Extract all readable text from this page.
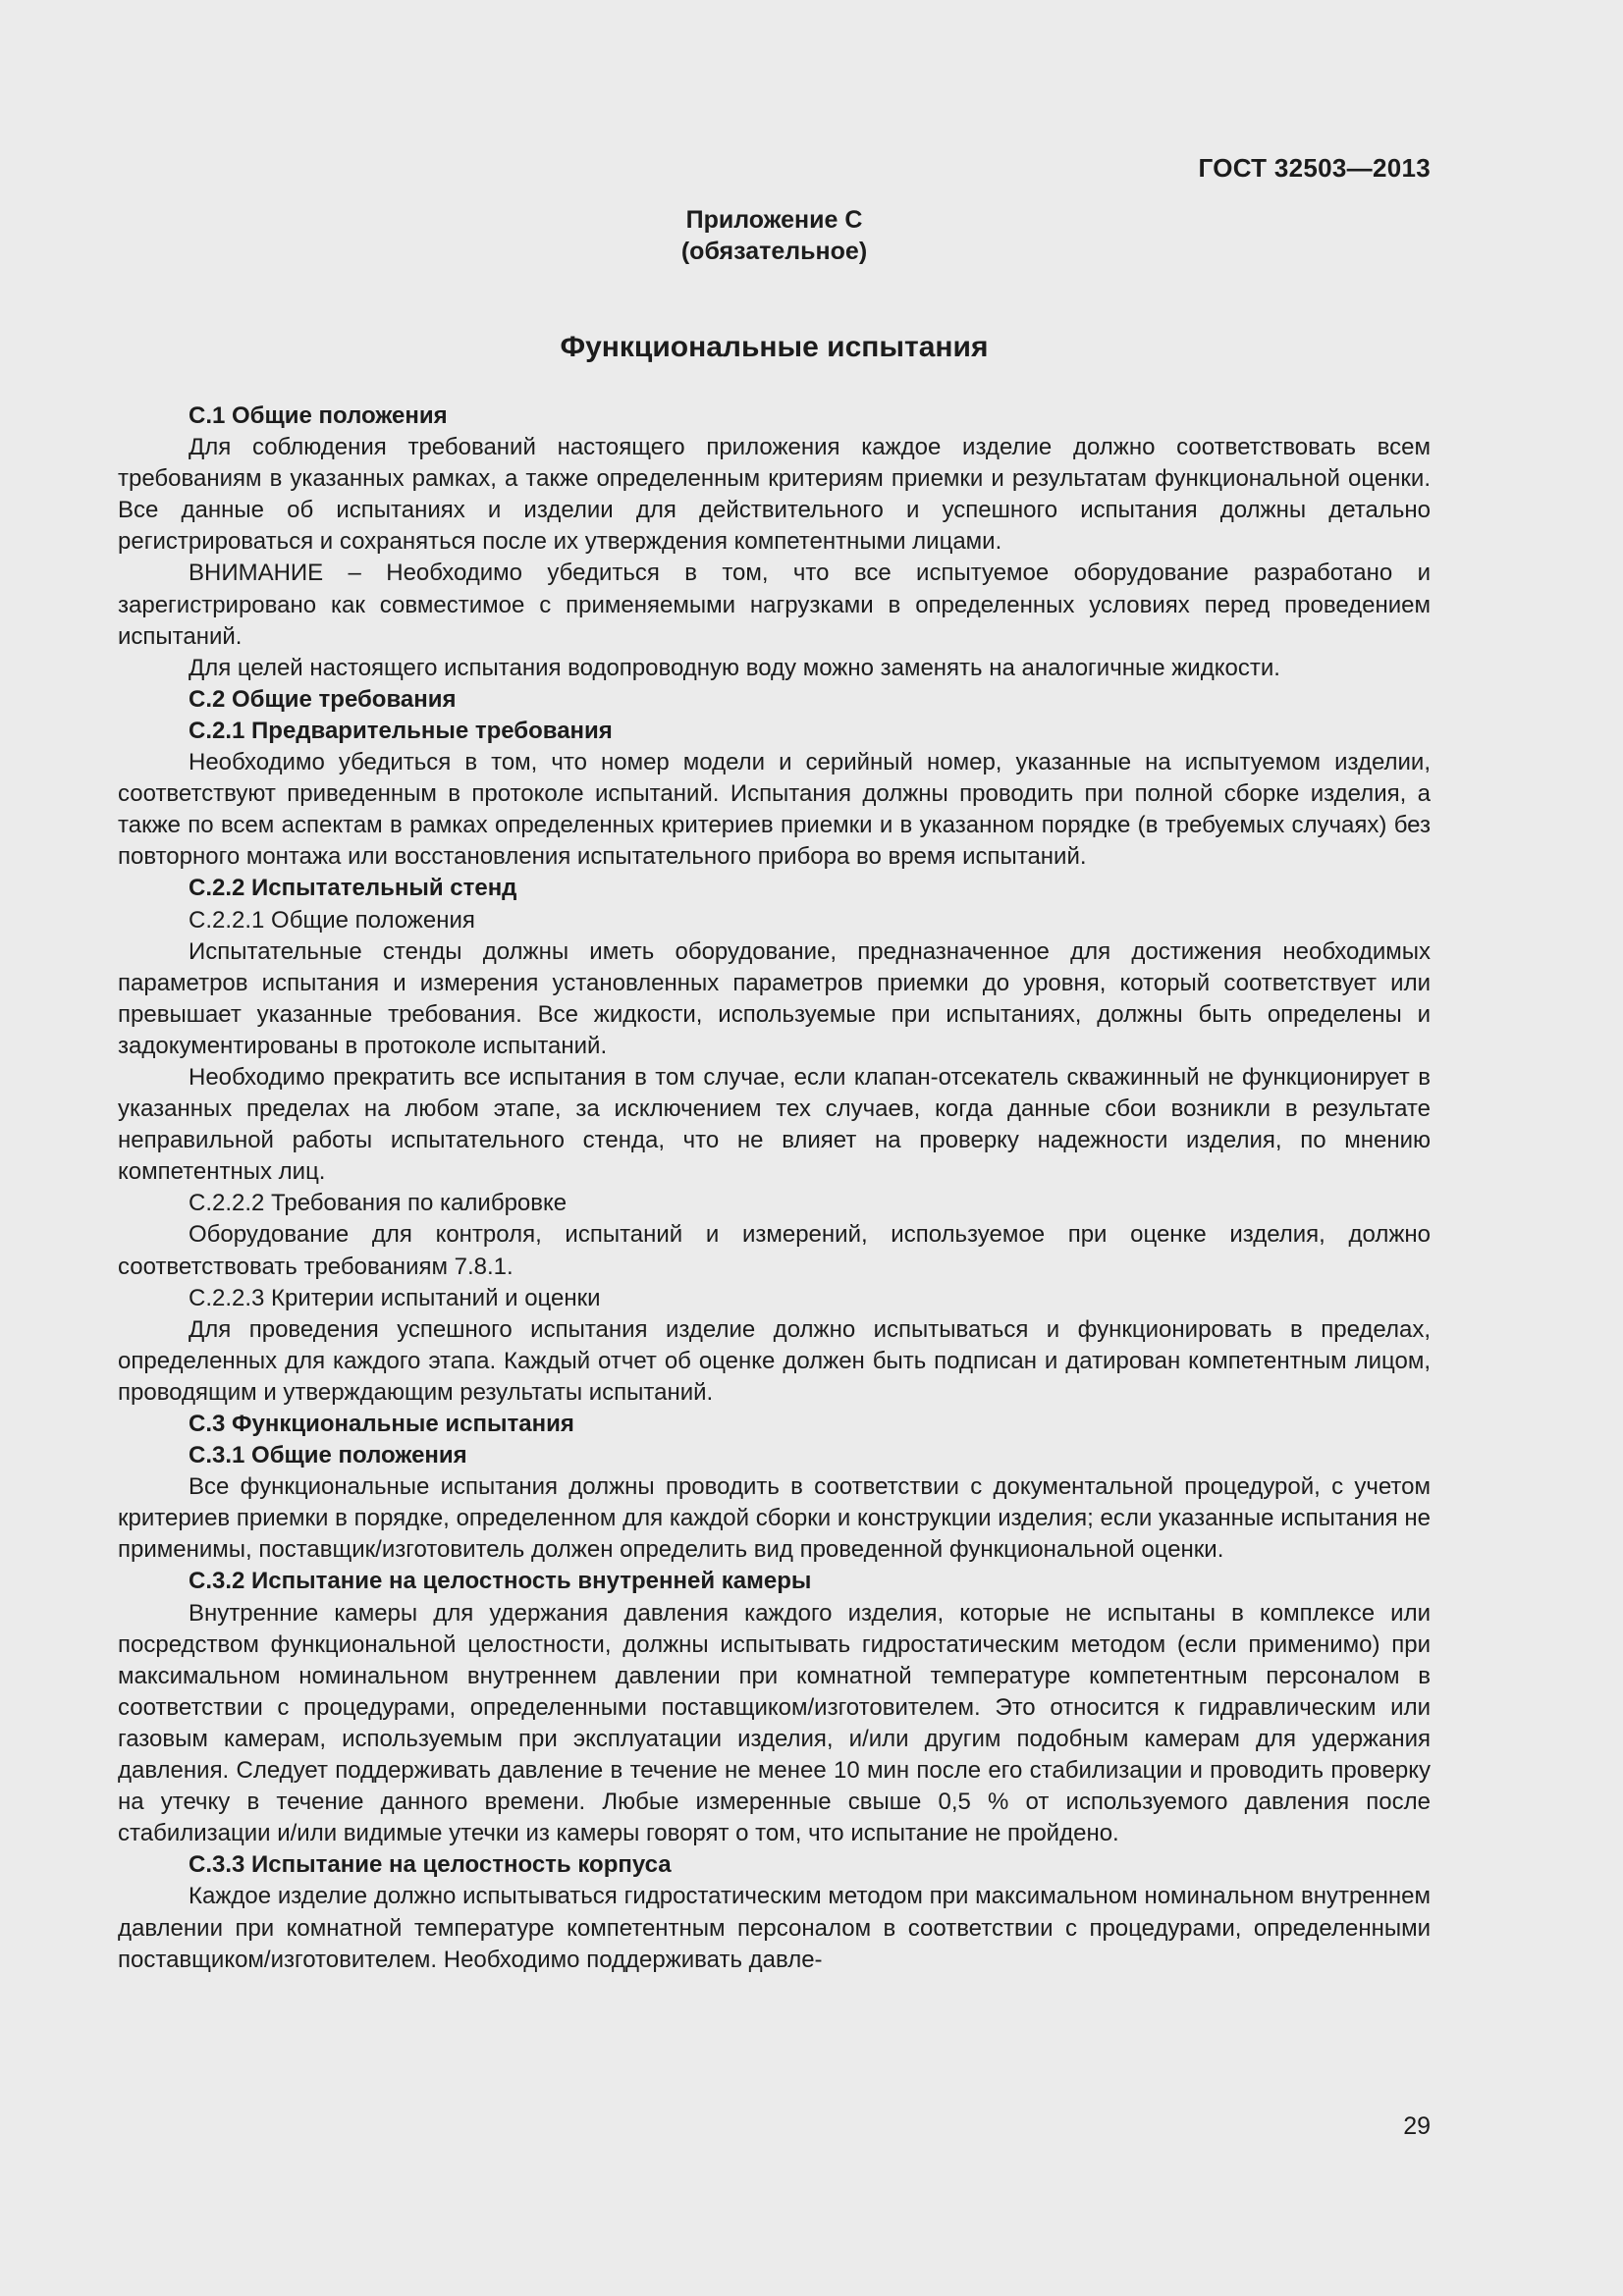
ГОСТ 32503—2013
Приложение С
(обязательное)
Функциональные испытания

С.1 Общие положения

Для соблюдения требований настоящего приложения каждое изделие должно соответствовать всем требованиям в указанных рамках, а также определенным критериям приемки и результатам функциональной оценки. Все данные об испытаниях и изделии для действительного и успешного испытания должны детально регистрироваться и сохраняться после их утверждения компетентными лицами.

ВНИМАНИЕ – Необходимо убедиться в том, что все испытуемое оборудование разработано и зарегистрировано как совместимое с применяемыми нагрузками в определенных условиях перед проведением испытаний.

Для целей настоящего испытания водопроводную воду можно заменять на аналогичные жидкости.

С.2 Общие требования

С.2.1 Предварительные требования

Необходимо убедиться в том, что номер модели и серийный номер, указанные на испытуемом изделии, соответствуют приведенным в протоколе испытаний. Испытания должны проводить при полной сборке изделия, а также по всем аспектам в рамках определенных критериев приемки и в указанном порядке (в требуемых случаях) без повторного монтажа или восстановления испытательного прибора во время испытаний.

С.2.2 Испытательный стенд

С.2.2.1 Общие положения

Испытательные стенды должны иметь оборудование, предназначенное для достижения необходимых параметров испытания и измерения установленных параметров приемки до уровня, который соответствует или превышает указанные требования. Все жидкости, используемые при испытаниях, должны быть определены и задокументированы в протоколе испытаний.

Необходимо прекратить все испытания в том случае, если клапан-отсекатель скважинный не функционирует в указанных пределах на любом этапе, за исключением тех случаев, когда данные сбои возникли в результате неправильной работы испытательного стенда, что не влияет на проверку надежности изделия, по мнению компетентных лиц.

С.2.2.2 Требования по калибровке

Оборудование для контроля, испытаний и измерений, используемое при оценке изделия, должно соответствовать требованиям 7.8.1.

С.2.2.3 Критерии испытаний и оценки

Для проведения успешного испытания изделие должно испытываться и функционировать в пределах, определенных для каждого этапа. Каждый отчет об оценке должен быть подписан и датирован компетентным лицом, проводящим и утверждающим результаты испытаний.

С.3 Функциональные испытания

С.3.1 Общие положения

Все функциональные испытания должны проводить в соответствии с документальной процедурой, с учетом критериев приемки в порядке, определенном для каждой сборки и конструкции изделия; если указанные испытания не применимы, поставщик/изготовитель должен определить вид проведенной функциональной оценки.

С.3.2 Испытание на целостность внутренней камеры

Внутренние камеры для удержания давления каждого изделия, которые не испытаны в комплексе или посредством функциональной целостности, должны испытывать гидростатическим методом (если применимо) при максимальном номинальном внутреннем давлении при комнатной температуре компетентным персоналом в соответствии с процедурами, определенными поставщиком/изготовителем. Это относится к гидравлическим или газовым камерам, используемым при эксплуатации изделия, и/или другим подобным камерам для удержания давления. Следует поддерживать давление в течение не менее 10 мин после его стабилизации и проводить проверку на утечку в течение данного времени. Любые измеренные свыше 0,5 % от используемого давления после стабилизации и/или видимые утечки из камеры говорят о том, что испытание не пройдено.

С.3.3 Испытание на целостность корпуса

Каждое изделие должно испытываться гидростатическим методом при максимальном номинальном внутреннем давлении при комнатной температуре компетентным персоналом в соответствии с процедурами, определенными поставщиком/изготовителем. Необходимо поддерживать давле-

29
